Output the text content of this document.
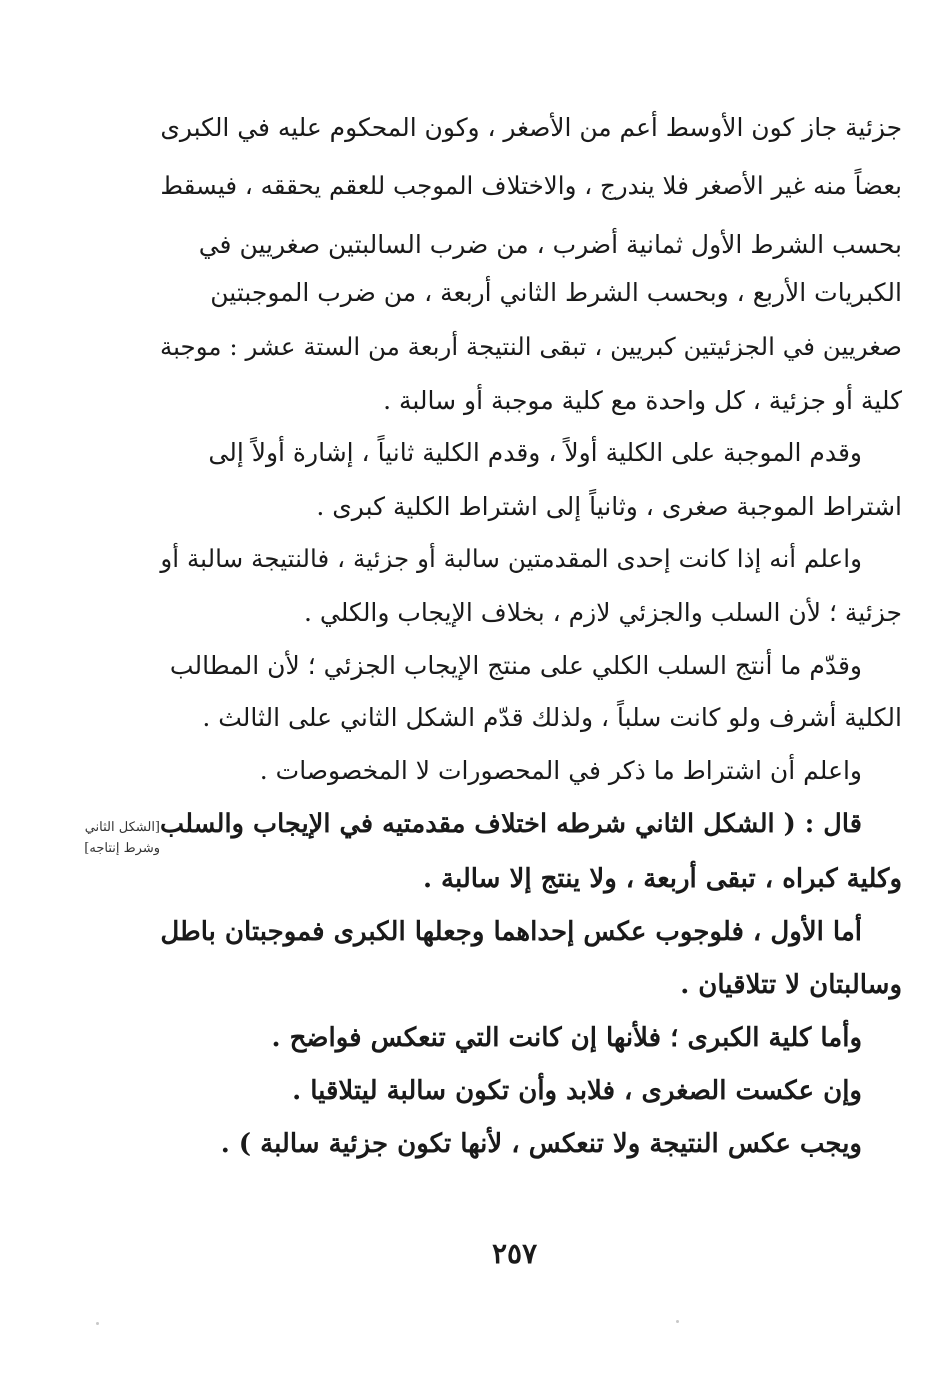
جزئية جاز كون الأوسط أعم من الأصغر ، وكون المحكوم عليه في الكبرى
بعضاً منه غير الأصغر فلا يندرج ، والاختلاف الموجب للعقم يحققه ، فيسقط
بحسب الشرط الأول ثمانية أضرب ، من ضرب السالبتين صغريين في
الكبريات الأربع ، وبحسب الشرط الثاني أربعة ، من ضرب الموجبتين
صغريين في الجزئيتين كبريين ، تبقى النتيجة أربعة من الستة عشر : موجبة
كلية أو جزئية ، كل واحدة مع كلية موجبة أو سالبة .
وقدم الموجبة على الكلية أولاً ، وقدم الكلية ثانياً ، إشارة أولاً إلى
اشتراط الموجبة صغرى ، وثانياً إلى اشتراط الكلية كبرى .
واعلم أنه إذا كانت إحدى المقدمتين سالبة أو جزئية ، فالنتيجة سالبة أو
جزئية ؛ لأن السلب والجزئي لازم ، بخلاف الإيجاب والكلي .
وقدّم ما أنتج السلب الكلي على منتج الإيجاب الجزئي ؛ لأن المطالب
الكلية أشرف ولو كانت سلباً ، ولذلك قدّم الشكل الثاني على الثالث .
واعلم أن اشتراط ما ذكر في المحصورات لا المخصوصات .
قال : ( الشكل الثاني شرطه اختلاف مقدمتيه في الإيجاب والسلب
وكلية كبراه ، تبقى أربعة ، ولا ينتج إلا سالبة .
أما الأول ، فلوجوب عكس إحداهما وجعلها الكبرى فموجبتان باطل
وسالبتان لا تتلاقيان .
وأما كلية الكبرى ؛ فلأنها إن كانت التي تنعكس فواضح .
وإن عكست الصغرى ، فلابد وأن تكون سالبة ليتلاقيا .
ويجب عكس النتيجة ولا تنعكس ، لأنها تكون جزئية سالبة ) .
[الشكل الثاني
وشرط إنتاجه]
٢٥٧
